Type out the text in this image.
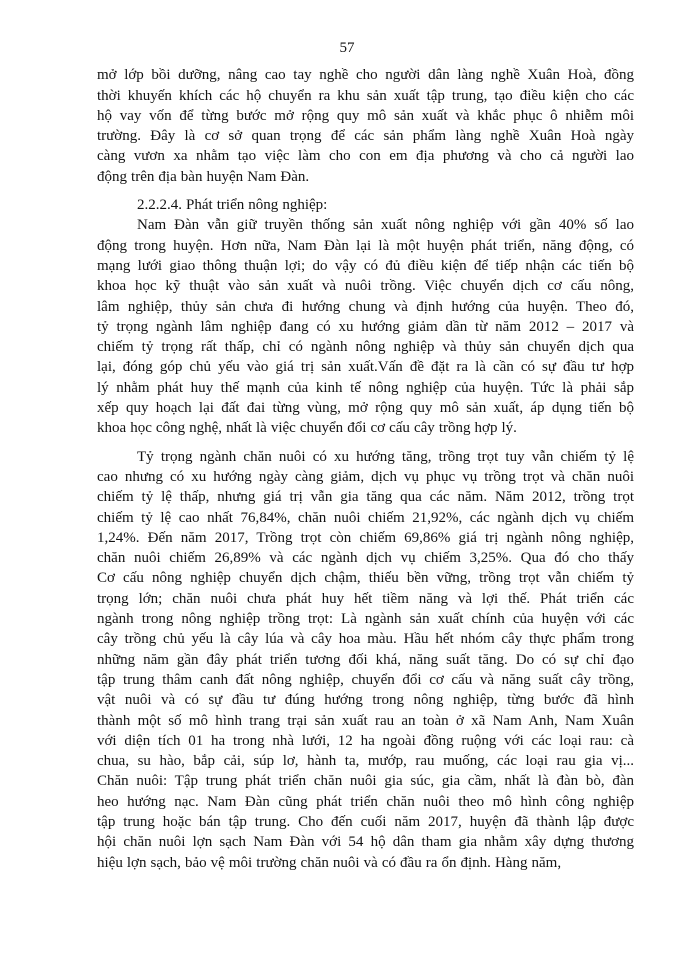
57
mở lớp bồi dưỡng, nâng cao tay nghề cho người dân làng nghề Xuân Hoà, đồng
thời khuyến khích các hộ chuyển ra khu sản xuất tập trung, tạo điều kiện cho các
hộ vay vốn để từng bước mở rộng quy mô sản xuất và khắc phục ô nhiễm môi
trường. Đây là cơ sở quan trọng để các sản phẩm làng nghề Xuân Hoà ngày
càng vươn xa nhằm tạo việc làm cho con em địa phương và cho cả người lao
động trên địa bàn huyện Nam Đàn.
2.2.2.4. Phát triển nông nghiệp:
Nam Đàn vẫn giữ truyền thống sản xuất nông nghiệp với gần 40% số lao
động trong huyện. Hơn nữa, Nam Đàn lại là một huyện phát triển, năng động, có
mạng lưới giao thông thuận lợi; do vậy có đủ điều kiện để tiếp nhận các tiến bộ
khoa học kỹ thuật vào sản xuất và nuôi trồng. Việc chuyển dịch cơ cấu nông,
lâm nghiệp, thủy sản chưa đi hướng chung và định hướng của huyện. Theo đó,
tỷ trọng ngành lâm nghiệp đang có xu hướng giảm dần từ năm 2012 – 2017 và
chiếm tỷ trọng rất thấp, chỉ có ngành nông nghiệp và thủy sản chuyển dịch qua
lại, đóng góp chủ yếu vào giá trị sản xuất.Vấn đề đặt ra là cần có sự đầu tư hợp
lý nhằm phát huy thế mạnh của kinh tế nông nghiệp của huyện. Tức là phải sắp
xếp quy hoạch lại đất đai từng vùng, mở rộng quy mô sản xuất, áp dụng tiến bộ
khoa học công nghệ, nhất là việc chuyển đổi cơ cấu cây trồng hợp lý.
Tỷ trọng ngành chăn nuôi có xu hướng tăng, trồng trọt tuy vẫn chiếm tỷ lệ
cao nhưng có xu hướng ngày càng giảm, dịch vụ phục vụ trồng trọt và chăn nuôi
chiếm tỷ lệ thấp, nhưng giá trị vẫn gia tăng qua các năm. Năm 2012, trồng trọt
chiếm tỷ lệ cao nhất 76,84%, chăn nuôi chiếm 21,92%, các ngành dịch vụ chiếm
1,24%. Đến năm 2017, Trồng trọt còn chiếm 69,86% giá trị ngành nông nghiệp,
chăn nuôi chiếm 26,89% và các ngành dịch vụ chiếm 3,25%. Qua đó cho thấy
Cơ cấu nông nghiệp chuyển dịch chậm, thiếu bền vững, trồng trọt vẫn chiếm tỷ
trọng lớn; chăn nuôi chưa phát huy hết tiềm năng và lợi thế. Phát triển các
ngành trong nông nghiệp trồng trọt: Là ngành sản xuất chính của huyện với các
cây trồng chủ yếu là cây lúa và cây hoa màu. Hầu hết nhóm cây thực phẩm trong
những năm gần đây phát triển tương đối khá, năng suất tăng. Do có sự chỉ đạo
tập trung thâm canh đất nông nghiệp, chuyển đổi cơ cấu và năng suất cây trồng,
vật nuôi và có sự đầu tư đúng hướng trong nông nghiệp, từng bước đã hình
thành một số mô hình trang trại sản xuất rau an toàn ở xã Nam Anh, Nam Xuân
với diện tích 01 ha trong nhà lưới, 12 ha ngoài đồng ruộng với các loại rau: cà
chua, su hào, bắp cải, súp lơ, hành ta, mướp, rau muống, các loại rau gia vị...
Chăn nuôi: Tập trung phát triển chăn nuôi gia súc, gia cầm, nhất là đàn bò, đàn
heo hướng nạc. Nam Đàn cũng phát triển chăn nuôi theo mô hình công nghiệp
tập trung hoặc bán tập trung. Cho đến cuối năm 2017, huyện đã thành lập được
hội chăn nuôi lợn sạch Nam Đàn với 54 hộ dân tham gia nhằm xây dựng thương
hiệu lợn sạch, bảo vệ môi trường chăn nuôi và có đầu ra ổn định. Hàng năm,
